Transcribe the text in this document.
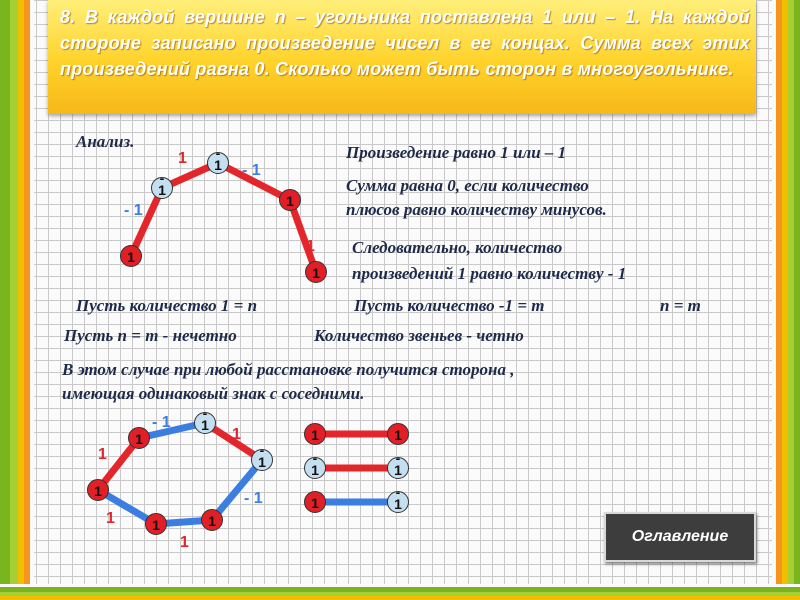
8. В каждой вершине n – угольника поставлена 1 или – 1. На каждой стороне записано произведение чисел в ее концах. Сумма всех этих произведений равна 0. Сколько может быть сторон в многоугольнике.

Анализ.

1

- 1

- 1

1

1
-
1
-
1
1
1

Произведение равно 1 или – 1

Сумма равна 0, если количество

плюсов равно количеству минусов.

Следовательно, количество

произведений 1 равно количеству - 1

Пусть количество 1 = n	Пусть количество -1 = m	n = m

Пусть n = m - нечетно	Количество звеньев - четно

В этом случае при любой расстановке получится сторона ,

имеющая одинаковый знак с соседними.

- 1

1

1

- 1

1

1

1
-
1
-
1
1
1
1
1	1
-
1
-
1
1
-
1
Оглавление
